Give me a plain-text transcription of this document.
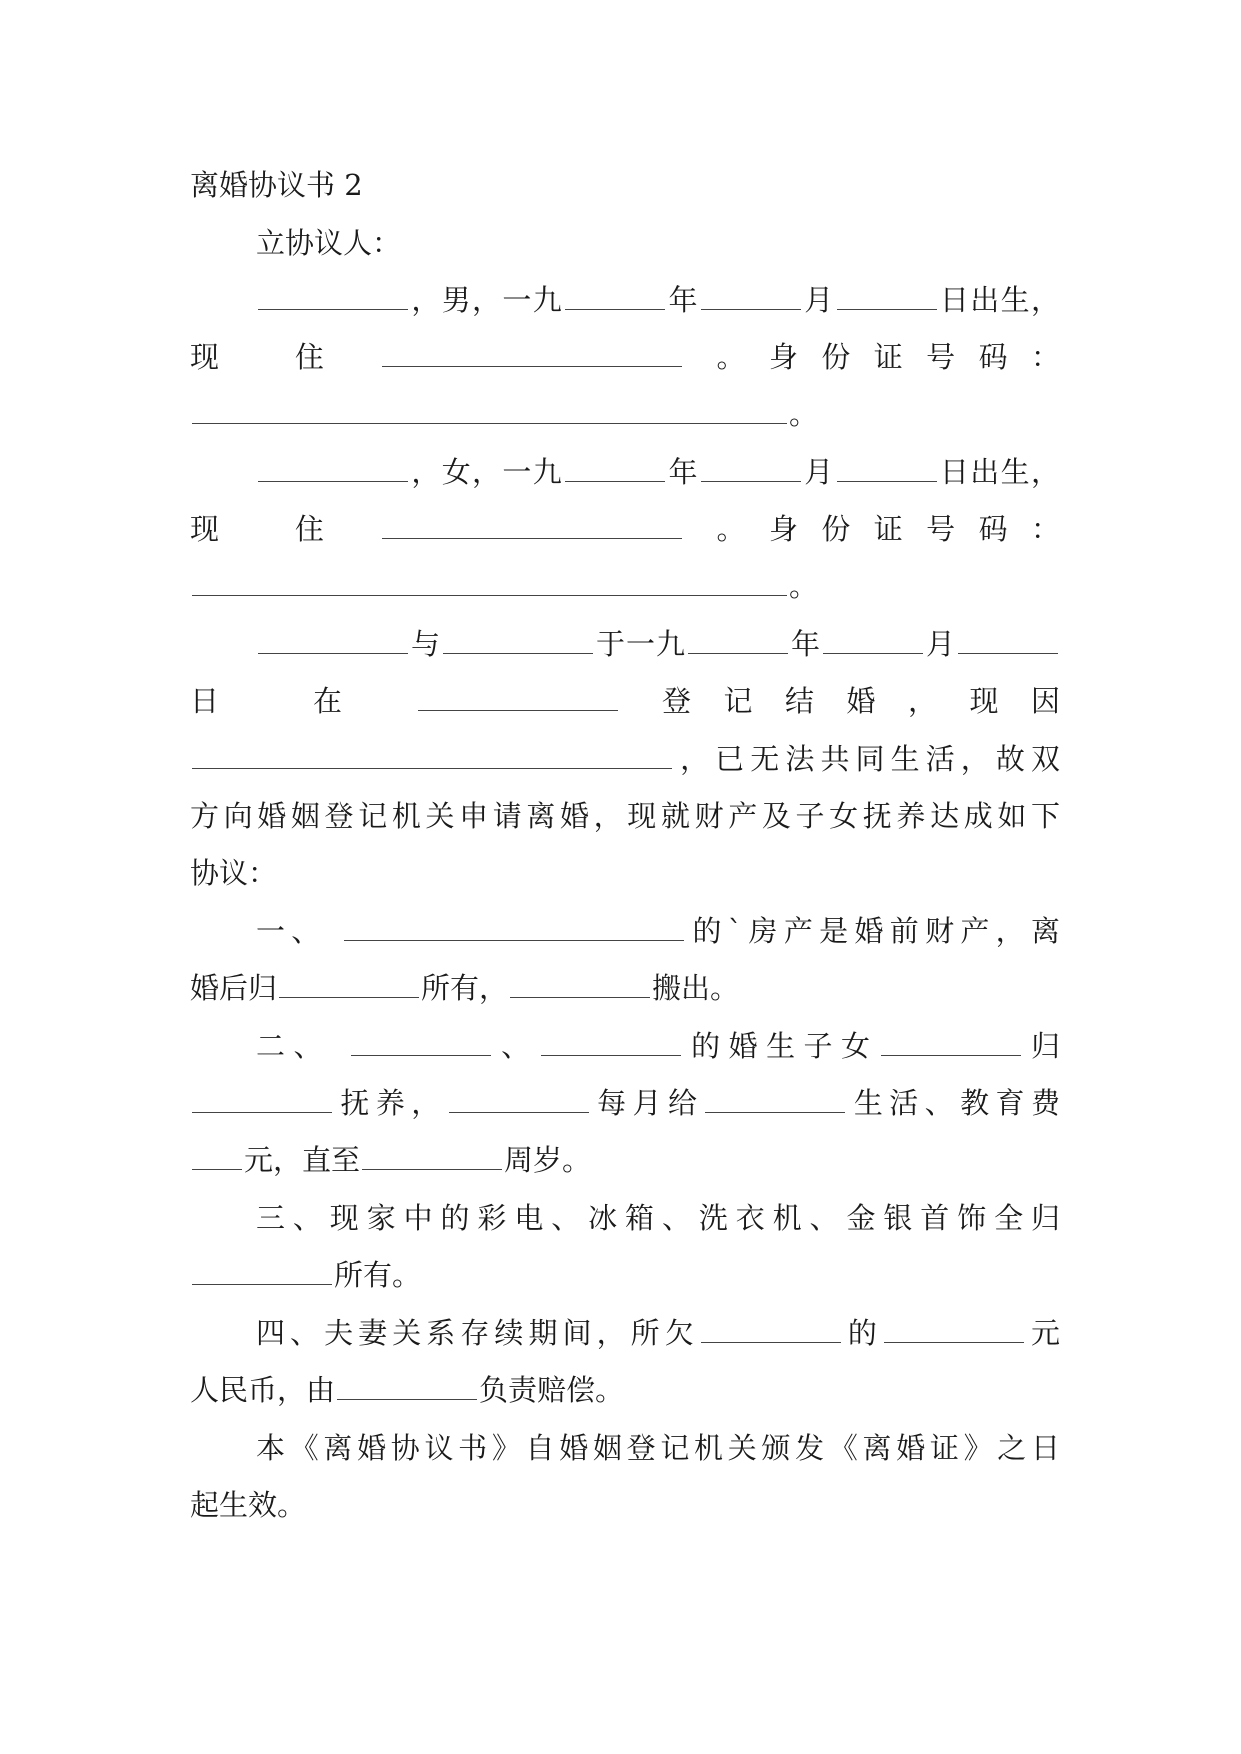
离婚协议书 2
立协议人：
，男，一九	年	月	日出生，
现　住	。身份证号码：
。
，女，一九	年	月	日出生，
现　住	。身份证号码：
。
与	于一九	年	月
日　在	登记结婚，现因
，已无法共同生活，故双
方向婚姻登记机关申请离婚，现就财产及子女抚养达成如下
协议：
一、	的`房产是婚前财产，离
婚后归	所有，	搬出。
二、	、	的婚生子女	归
抚养，	每月给	生活、教育费
元，直至	周岁。
三、现家中的彩电、冰箱、洗衣机、金银首饰全归
所有。
四、夫妻关系存续期间，所欠	的	元
人民币，由	负责赔偿。
本《离婚协议书》自婚姻登记机关颁发《离婚证》之日
起生效。
